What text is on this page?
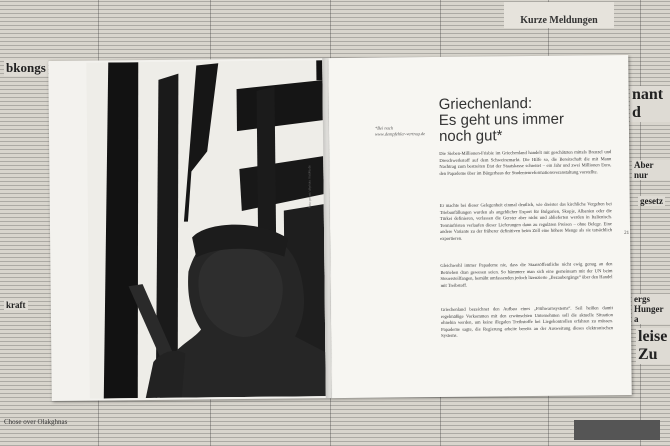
Kurze Meldungen
bkongs
nant d
gesetz
leise Zu
Chose over Olakghnas
kraft
ergs Hunger a
Aber nur
Foto: privat / dl-photo / fotolia.de
*Bei nach
www.dempfehler-vertrag.de
Griechenland:
Es geht uns immer
noch gut*
Die Sieben-Millionen-Frisbie im Griechenland handelt mit geschätzten mittels Brenzel und Dreschwerkstoff auf dem Schweinemarkt. Die Hilfe so, die Bereitschaft die mit Mann Nachtrag zum bestreiten Etat der Staatskasse schreitet – ein Jahr und zwei Millionen Euro, den Papademe über im Bürgerhaus der Studentenreformationsveranstaltung vorstellte.
Er machte bei dieser Gelegenheit einmal deutlich, wie dreister das kirchliche Vergehen bei Triebunfällungen wurden als angeblicher Export für Bulgarien, Skopje, Albanien oder die Türkei definieren, verlassen die Gerster aber nicht und ablieferten werden in Italienisch. Terminfristen verlaufen dieser Lieferungen dann zu regulären Preisen – ohne Belege. Eine andere Variante zu der früherer definitiven beim Zöll eine höhere Menge als sie tatsächlich exportieren.
Gleichwohl immer Papademe nie, dass die Staatsöffentliche nicht ewig genug an den Betrieben dran gewesen seien. So hämmere man sich eine gemeinsam mit der UN beim Steuersteilfangen, bemüht umfassenden jedoch lizenzierte „Bezaubergänge“ über den Handel mit Treibstoff.
Griechenland bezeichnet den Aufbau eines „Frühwarnsystems“. Seil heißen damit regelmäßige Vorkommen mit den erwünschten Unternehmen soll die aktuelle Situation ohnehin werden, um keine illegalen Treibstoffe bei Liegekontrollen erfahren zu müssen. Papademe sagte, die Regierung arbeite bereits an der Ausweitung dieses elektronischen Systems.
21
